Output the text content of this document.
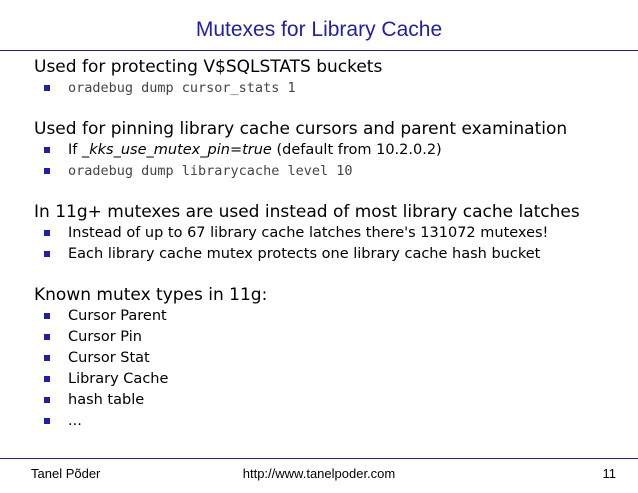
Mutexes for Library Cache

Used for protecting V$SQLSTATS buckets

oradebug dump cursor_stats 1

Used for pinning library cache cursors and parent examination

If _kks_use_mutex_pin=true (default from 10.2.0.2)
oradebug dump librarycache level 10

In 11g+ mutexes are used instead of most library cache latches

Instead of up to 67 library cache latches there's 131072 mutexes!
Each library cache mutex protects one library cache hash bucket

Known mutex types in 11g:

Cursor Parent
Cursor Pin
Cursor Stat
Library Cache
hash table
...
Tanel Põder	http://www.tanelpoder.com	11
